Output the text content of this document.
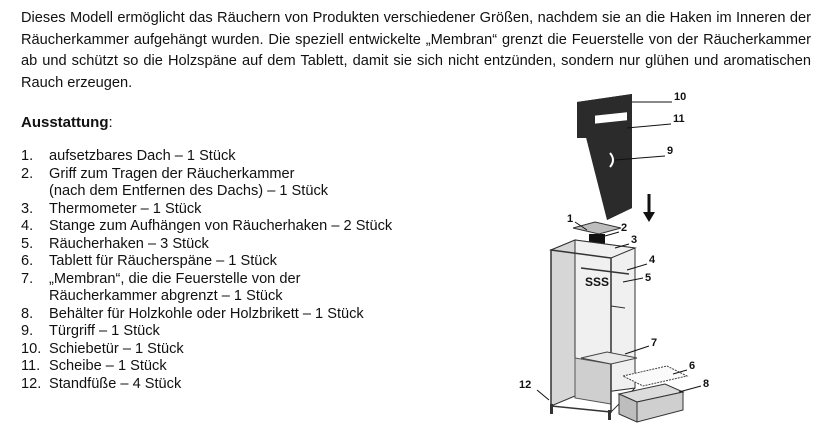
Dieses Modell ermöglicht das Räuchern von Produkten verschiedener Größen, nachdem sie an die Haken im Inneren der Räucherkammer aufgehängt wurden. Die speziell entwickelte „Membran“ grenzt die Feuerstelle von der Räucherkammer ab und schützt so die Holzspäne auf dem Tablett, damit sie sich nicht entzünden, sondern nur glühen und aromatischen Rauch erzeugen.

Ausstattung:

1.	aufsetzbares Dach – 1 Stück
2.	Griff zum Tragen der Räucherkammer
(nach dem Entfernen des Dachs) – 1 Stück
3.	Thermometer – 1 Stück
4.	Stange zum Aufhängen von Räucherhaken – 2 Stück
5.	Räucherhaken – 3 Stück
6.	Tablett für Räucherspäne – 1 Stück
7.	„Membran“, die die Feuerstelle von der
Räucherkammer abgrenzt – 1 Stück
8.	Behälter für Holzkohle oder Holzbrikett – 1 Stück
9.	Türgriff – 1 Stück
10. Schiebetür – 1 Stück
11. Scheibe – 1 Stück
12. Standfüße – 4 Stück
SSS
10
11
9
1
2
3
4
5
7
6
8
12
